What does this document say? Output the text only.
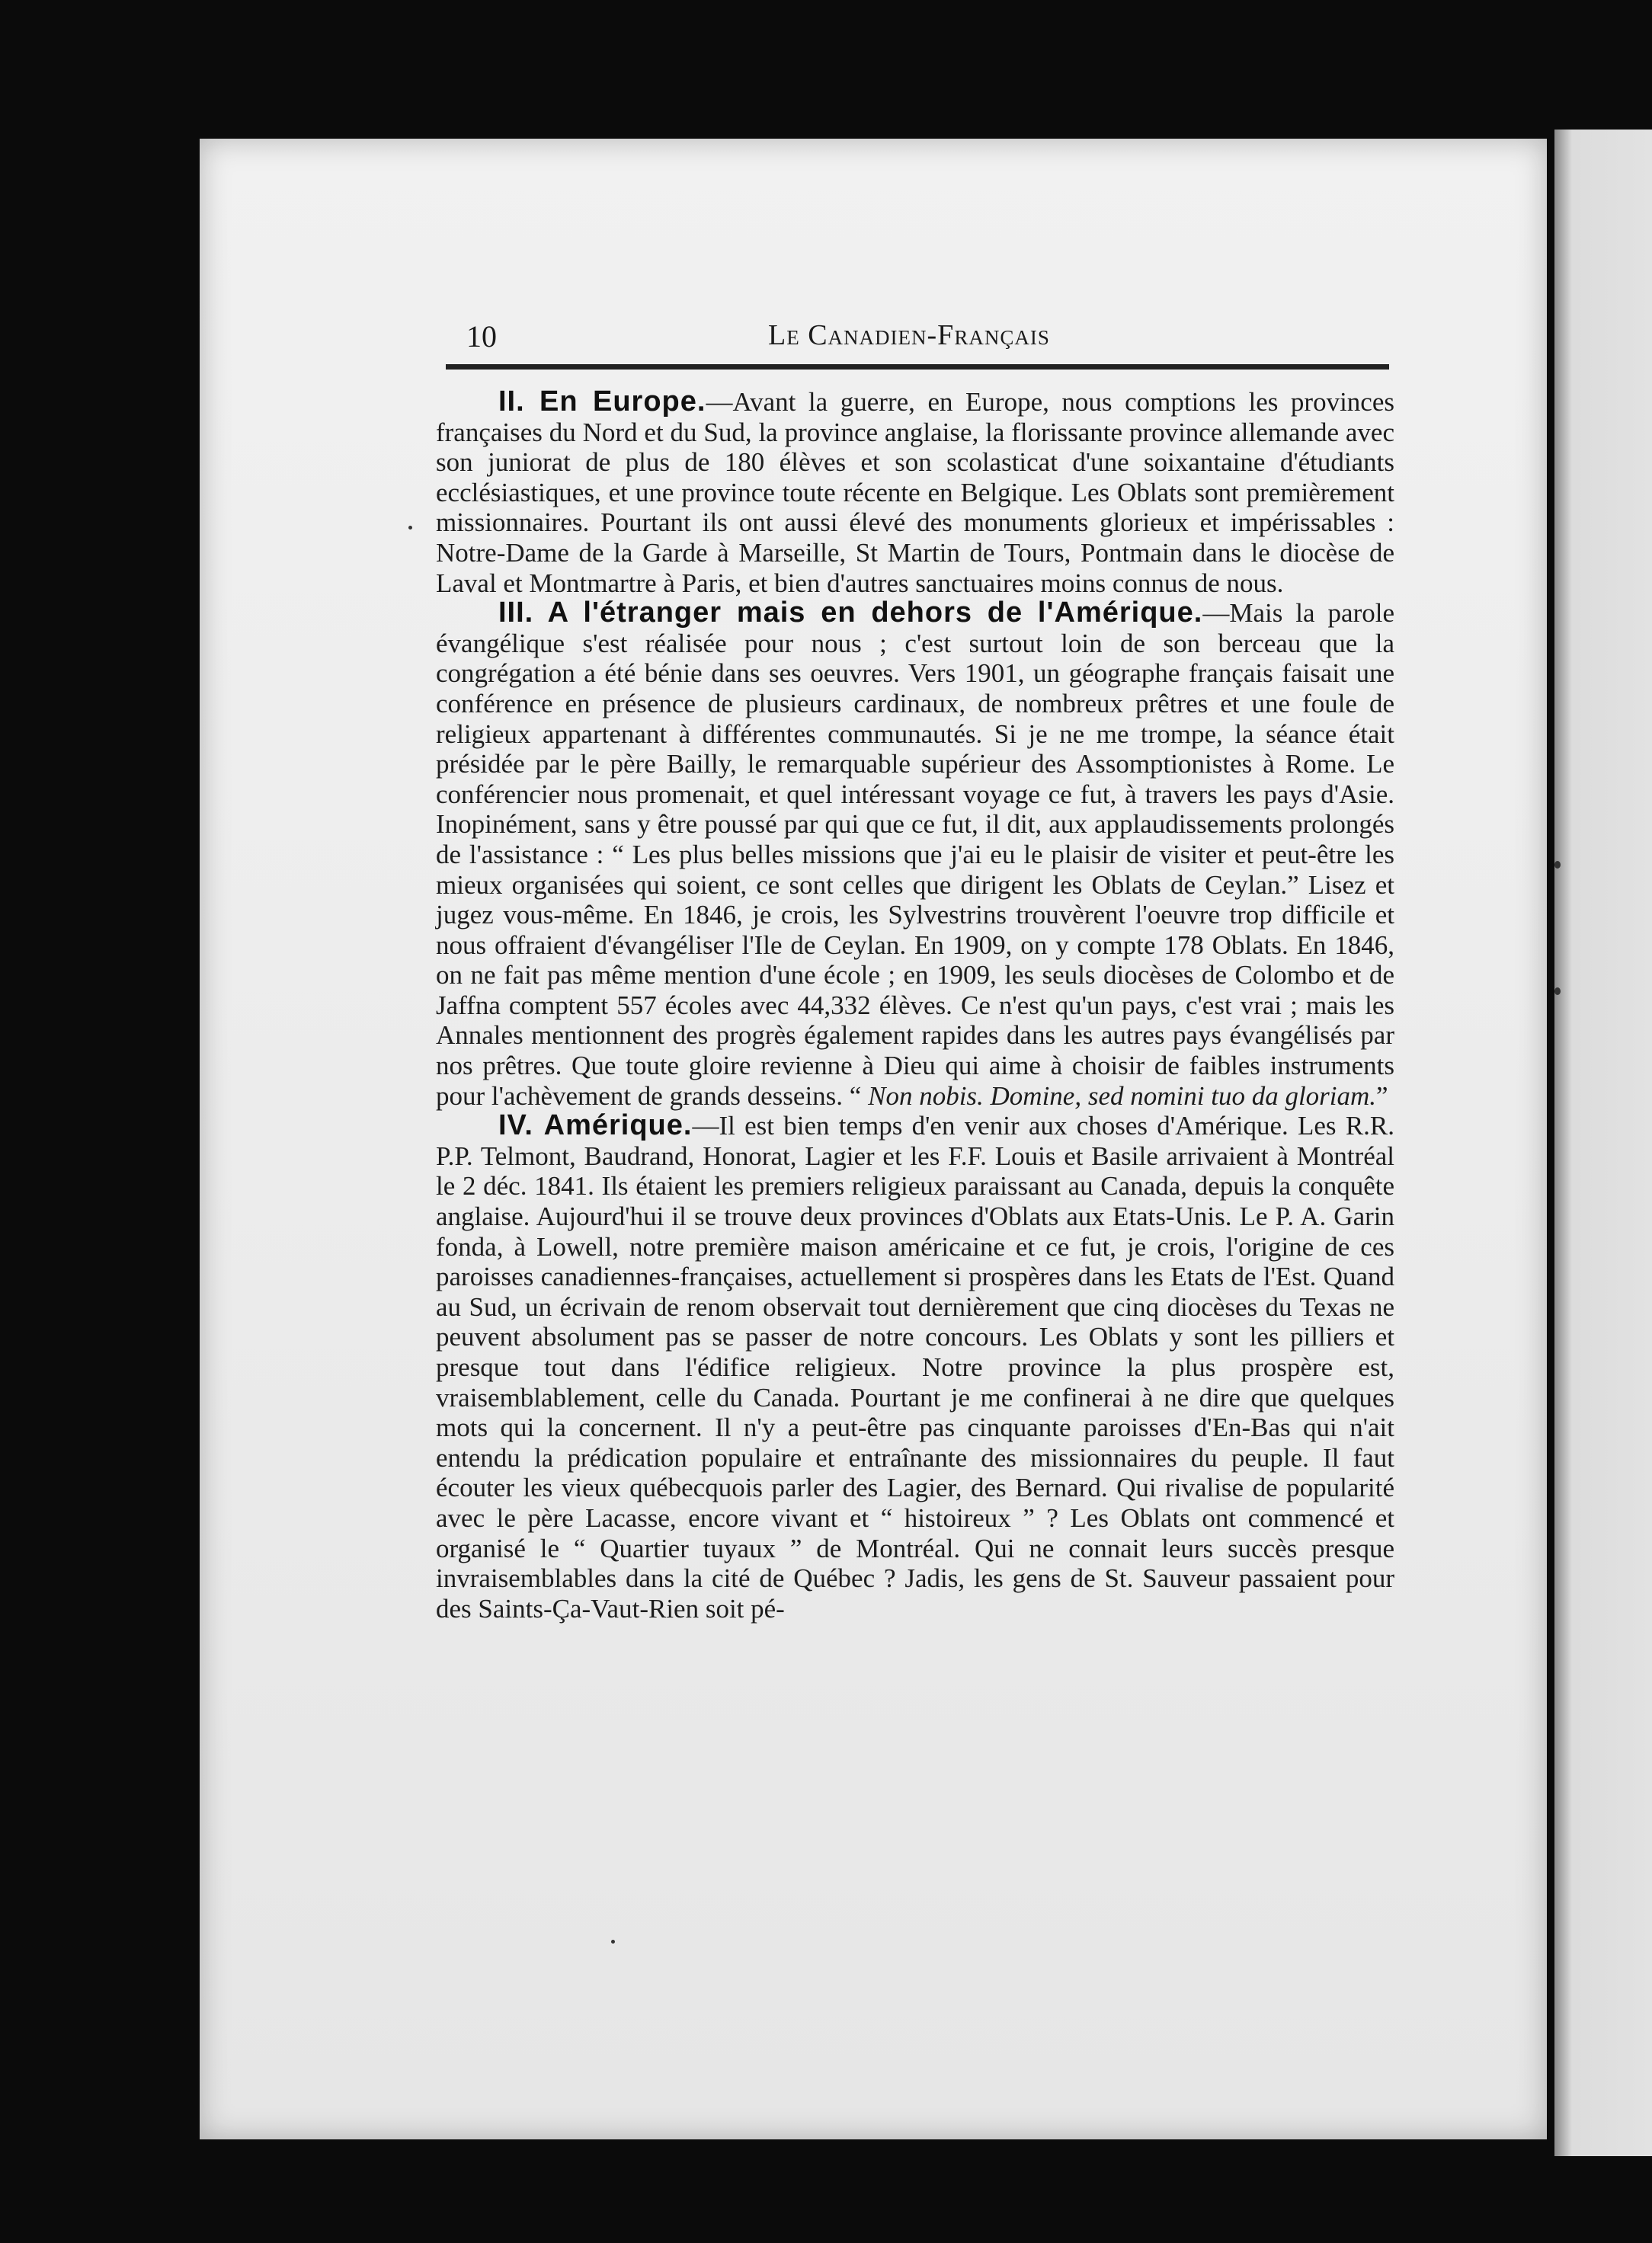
10	Le Canadien-Français

II. En Europe.—Avant la guerre, en Europe, nous comptions les provinces françaises du Nord et du Sud, la province anglaise, la florissante province allemande avec son juniorat de plus de 180 élèves et son scolasticat d'une soixantaine d'étudiants ecclésiastiques, et une province toute récente en Belgique. Les Oblats sont premièrement missionnaires. Pourtant ils ont aussi élevé des monuments glorieux et impérissables : Notre-Dame de la Garde à Marseille, St Martin de Tours, Pontmain dans le diocèse de Laval et Montmartre à Paris, et bien d'autres sanctuaires moins connus de nous.

III. A l'étranger mais en dehors de l'Amérique.—Mais la parole évangélique s'est réalisée pour nous ; c'est surtout loin de son berceau que la congrégation a été bénie dans ses oeuvres. Vers 1901, un géographe français faisait une conférence en présence de plusieurs cardinaux, de nombreux prêtres et une foule de religieux appartenant à différentes communautés. Si je ne me trompe, la séance était présidée par le père Bailly, le remarquable supérieur des Assomptionistes à Rome. Le conférencier nous promenait, et quel intéressant voyage ce fut, à travers les pays d'Asie. Inopinément, sans y être poussé par qui que ce fut, il dit, aux applaudissements prolongés de l'assistance : “ Les plus belles missions que j'ai eu le plaisir de visiter et peut-être les mieux organisées qui soient, ce sont celles que dirigent les Oblats de Ceylan.” Lisez et jugez vous-même. En 1846, je crois, les Sylvestrins trouvèrent l'oeuvre trop difficile et nous offraient d'évangéliser l'Ile de Ceylan. En 1909, on y compte 178 Oblats. En 1846, on ne fait pas même mention d'une école ; en 1909, les seuls diocèses de Colombo et de Jaffna comptent 557 écoles avec 44,332 élèves. Ce n'est qu'un pays, c'est vrai ; mais les Annales mentionnent des progrès également rapides dans les autres pays évangélisés par nos prêtres. Que toute gloire revienne à Dieu qui aime à choisir de faibles instruments pour l'achèvement de grands desseins. “ Non nobis. Domine, sed nomini tuo da gloriam.”

IV. Amérique.—Il est bien temps d'en venir aux choses d'Amérique. Les R.R. P.P. Telmont, Baudrand, Honorat, Lagier et les F.F. Louis et Basile arrivaient à Montréal le 2 déc. 1841. Ils étaient les premiers religieux paraissant au Canada, depuis la conquête anglaise. Aujourd'hui il se trouve deux provinces d'Oblats aux Etats-Unis. Le P. A. Garin fonda, à Lowell, notre première maison américaine et ce fut, je crois, l'origine de ces paroisses canadiennes-françaises, actuellement si prospères dans les Etats de l'Est. Quand au Sud, un écrivain de renom observait tout dernièrement que cinq diocèses du Texas ne peuvent absolument pas se passer de notre concours. Les Oblats y sont les pilliers et presque tout dans l'édifice religieux. Notre province la plus prospère est, vraisemblablement, celle du Canada. Pourtant je me confinerai à ne dire que quelques mots qui la concernent. Il n'y a peut-être pas cinquante paroisses d'En-Bas qui n'ait entendu la prédication populaire et entraînante des missionnaires du peuple. Il faut écouter les vieux québecquois parler des Lagier, des Bernard. Qui rivalise de popularité avec le père Lacasse, encore vivant et “ histoireux ” ? Les Oblats ont commencé et organisé le “ Quartier tuyaux ” de Montréal. Qui ne connait leurs succès presque invraisemblables dans la cité de Québec ? Jadis, les gens de St. Sauveur passaient pour des Saints-Ça-Vaut-Rien soit pé-
